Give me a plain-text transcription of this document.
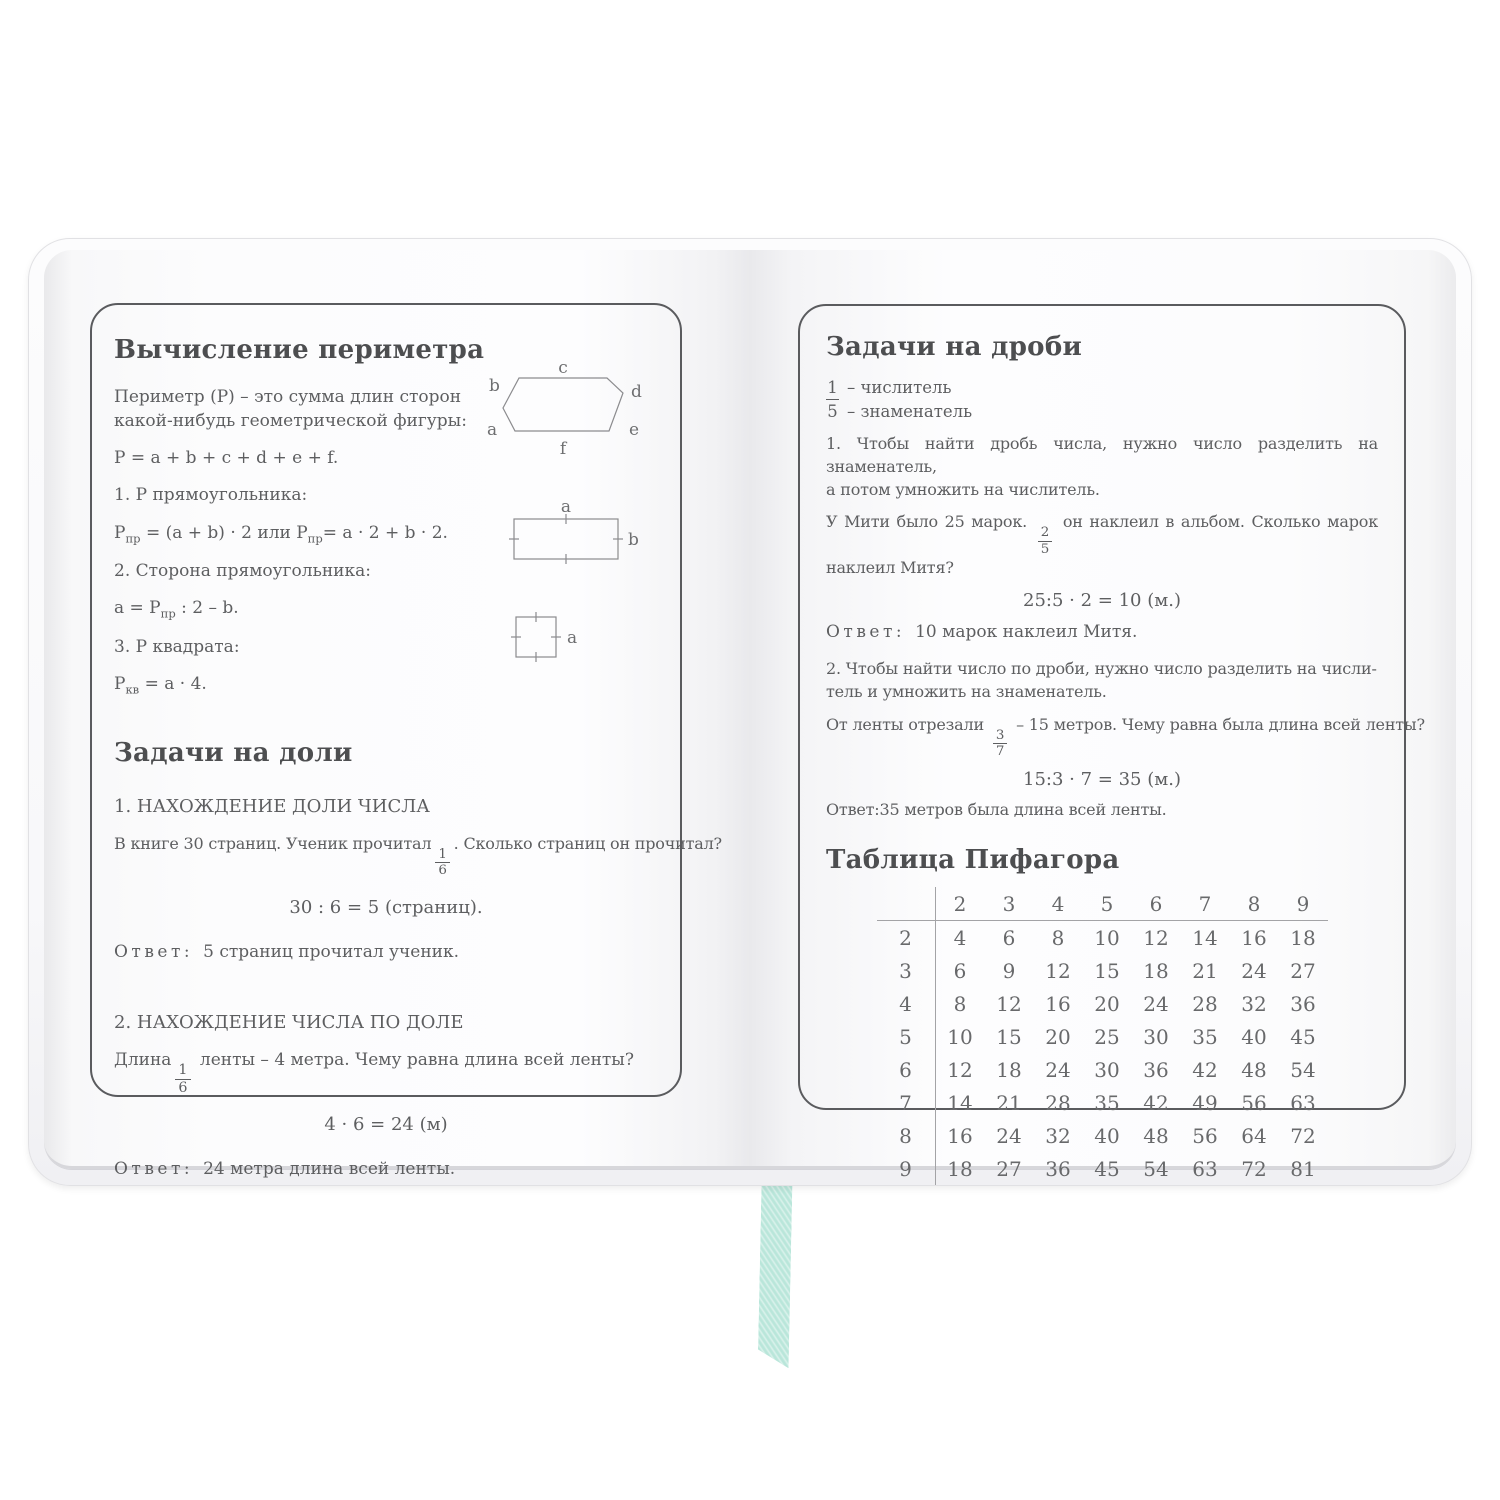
Вычисление периметра

Периметр (Р) – это сумма длин сторон
какой-нибудь геометрической фигуры:

P = a + b + c + d + e + f.

1. Р прямоугольника:

$P_{пр} = (a + b) \cdot 2$ или $P_{пр}= a \cdot 2 + b \cdot 2$.

2. Сторона прямоугольника:

$a = P_{пр}$ : 2 – b.

3. Р квадрата:

$P_{кв} = a \cdot 4$.

Задачи на доли

1. НАХОЖДЕНИЕ ДОЛИ ЧИСЛА

В книге 30 страниц. Ученик прочитал
$\frac{1}{6}$
. Сколько страниц он прочитал?

30 : 6 = 5 (страниц).

Ответ: 5 страниц прочитал ученик.

2. НАХОЖДЕНИЕ ЧИСЛА ПО ДОЛЕ

Длина
$\frac{1}{6}$
ленты – 4 метра. Чему равна длина всей ленты?

4 · 6 = 24 (м)

Ответ: 24 метра длина всей ленты.

c
b	d
a	e
f
a
b
a
Задачи на дроби
1 – числитель
5 – знаменатель

1. Чтобы найти дробь числа, нужно число разделить на знаменатель,
а потом умножить на числитель.

У Мити было 25 марок.
$\frac{2}{5}$
он наклеил в альбом. Сколько марок
наклеил Митя?

25:5 · 2 = 10 (м.)

Ответ: 10 марок наклеил Митя.

2. Чтобы найти число по дроби, нужно число разделить на числи-
тель и умножить на знаменатель.

От ленты отрезали
$\frac{3}{7}$
– 15 метров. Чему равна была длина всей ленты?

15:3 · 7 = 35 (м.)

Ответ:35 метров была длина всей ленты.

Таблица Пифагора
	2	3	4	5	6	7	8	9
2	4	6	8	10	12	14	16	18
3	6	9	12	15	18	21	24	27
4	8	12	16	20	24	28	32	36
5	10	15	20	25	30	35	40	45
6	12	18	24	30	36	42	48	54
7	14	21	28	35	42	49	56	63
8	16	24	32	40	48	56	64	72
9	18	27	36	45	54	63	72	81
